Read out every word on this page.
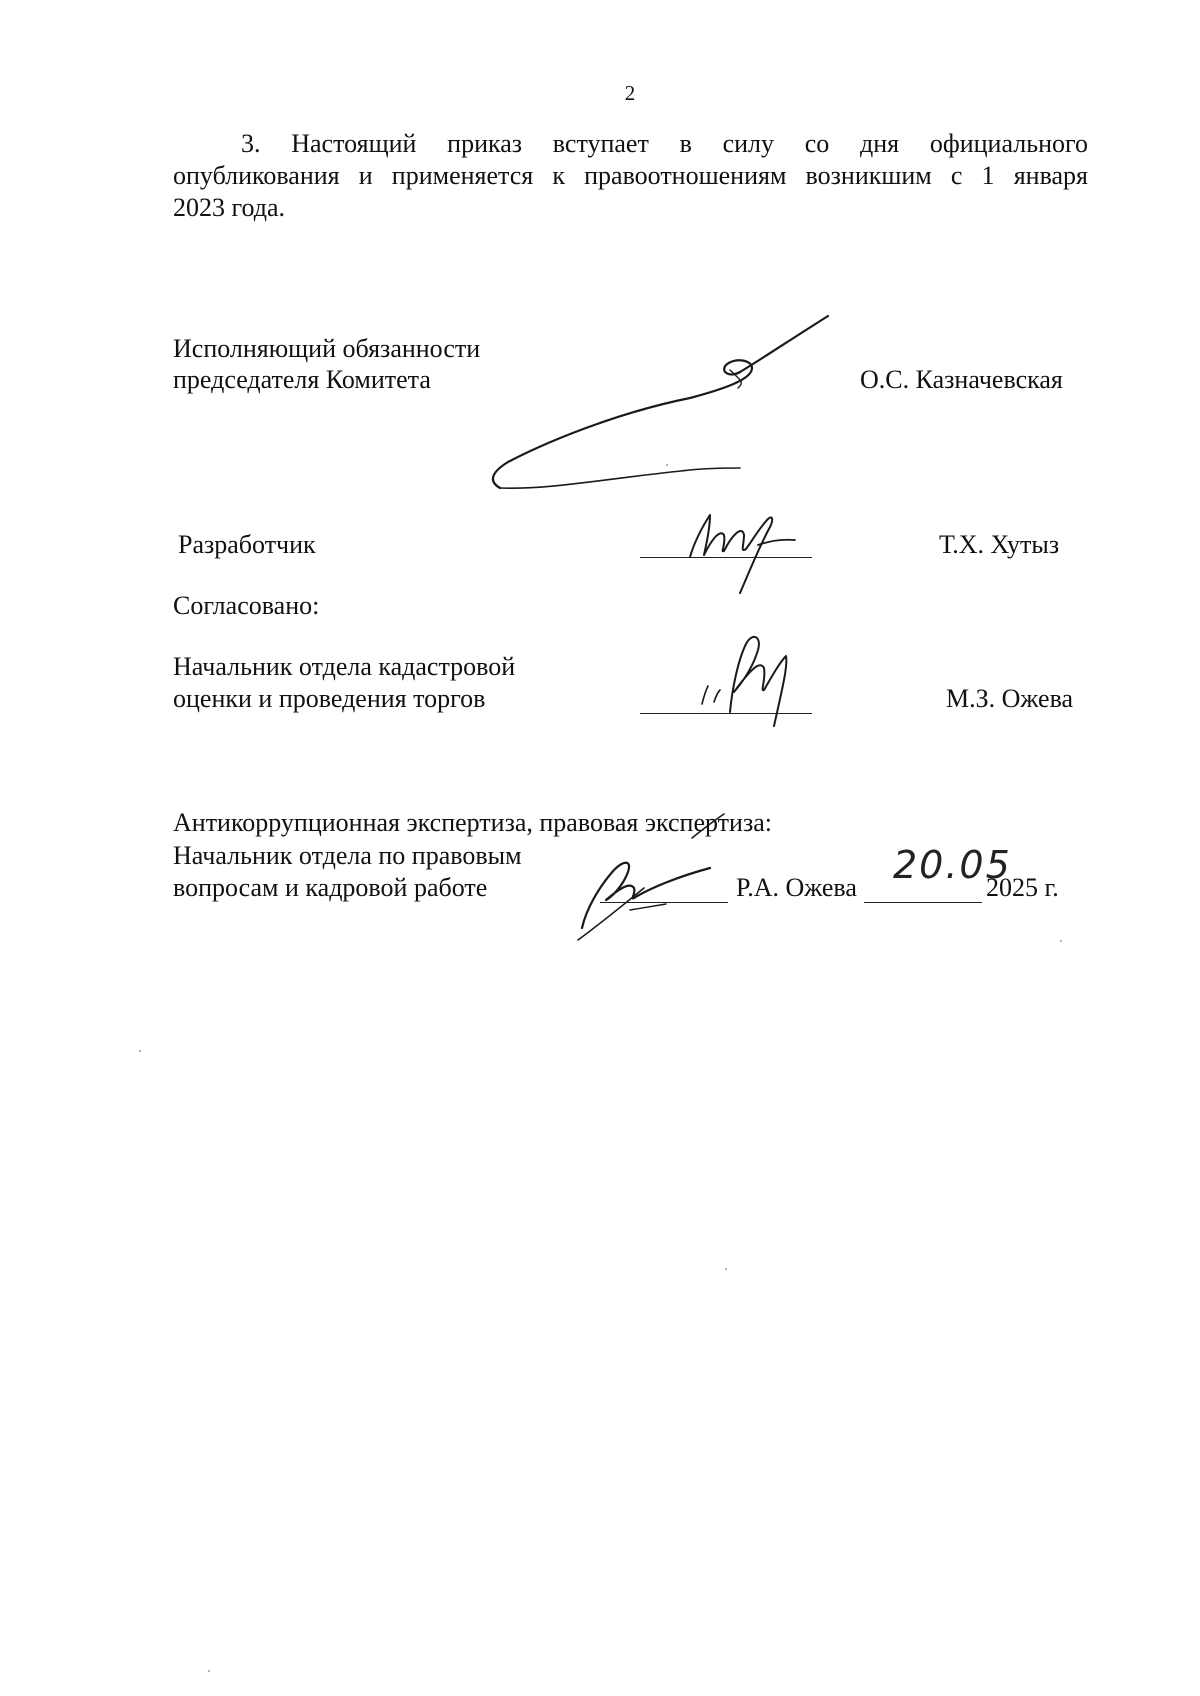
2
3. Настоящий приказ вступает в силу со дня официального
опубликования и применяется к правоотношениям возникшим с 1 января
2023 года.
Исполняющий обязанности
председателя Комитета	О.С. Казначевская
Разработчик	Т.Х. Хутыз
Согласовано:
Начальник отдела кадастровой
оценки и проведения торгов	М.З. Ожева
Антикоррупционная экспертиза, правовая экспертиза:
Начальник отдела по правовым
вопросам и кадровой работе	Р.А. Ожева
20.05
2025 г.
